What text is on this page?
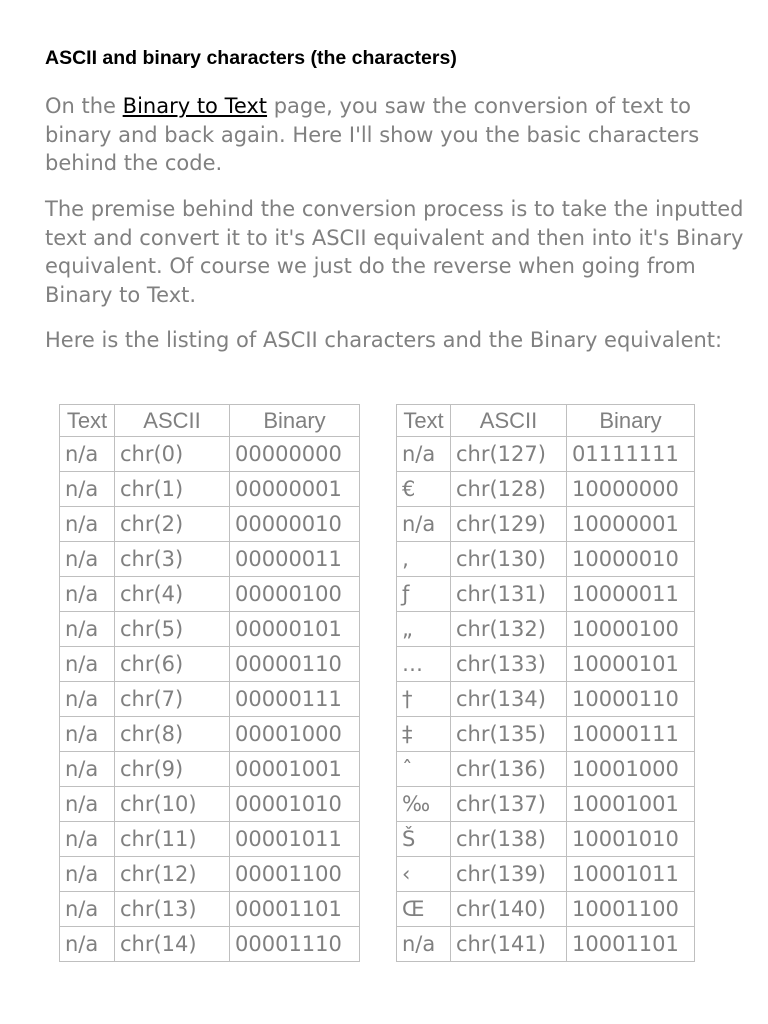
ASCII and binary characters (the characters)

On the Binary to Text page, you saw the conversion of text to binary and back again. Here I'll show you the basic characters behind the code.

The premise behind the conversion process is to take the inputted text and convert it to it's ASCII equivalent and then into it's Binary equivalent. Of course we just do the reverse when going from Binary to Text.

Here is the listing of ASCII characters and the Binary equivalent:

Text	ASCII	Binary
n/a	chr(0)	00000000
n/a	chr(1)	00000001
n/a	chr(2)	00000010
n/a	chr(3)	00000011
n/a	chr(4)	00000100
n/a	chr(5)	00000101
n/a	chr(6)	00000110
n/a	chr(7)	00000111
n/a	chr(8)	00001000
n/a	chr(9)	00001001
n/a	chr(10)	00001010
n/a	chr(11)	00001011
n/a	chr(12)	00001100
n/a	chr(13)	00001101
n/a	chr(14)	00001110
Text	ASCII	Binary
n/a	chr(127)	01111111
€	chr(128)	10000000
n/a	chr(129)	10000001
‚	chr(130)	10000010
ƒ	chr(131)	10000011
„	chr(132)	10000100
…	chr(133)	10000101
†	chr(134)	10000110
‡	chr(135)	10000111
ˆ	chr(136)	10001000
‰	chr(137)	10001001
Š	chr(138)	10001010
‹	chr(139)	10001011
Œ	chr(140)	10001100
n/a	chr(141)	10001101
